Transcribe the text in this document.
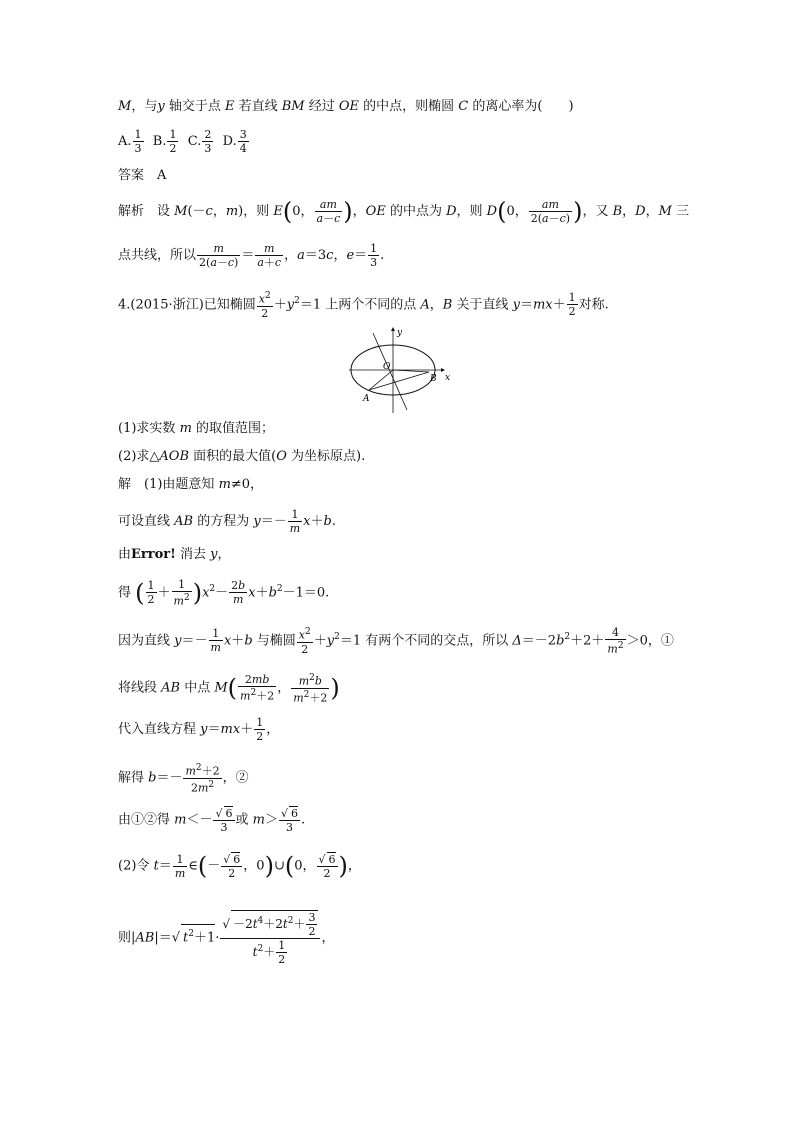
M，与y 轴交于点 E 若直线 BM 经过 OE 的中点，则椭圆 C 的离心率为(　　)
A. $\frac{1}{3} B$. $\frac{1}{2} C$. $\frac{2}{3} D$. $\frac{3}{4}$
答案　A
解析　设 M(－c，m)，则 E(0， $\frac{am}{a-c}$ )，OE 的中点为 D，则 D(0， $\frac{am}{2(a-c)}$ )，又 B，D，M 三
点共线，所以 $\frac{m}{2(a-c)} = \frac{m}{a+c}$ ，a＝3c，$e= \frac{1}{3}$ .
4.(2015·浙江)已知椭圆 $\frac{x^2}{2} +y^2=1$ 上两个不同的点 A，B 关于直线 $y=mx+ \frac{1}{2}$ 对称.
y
x
O
A
B
(1)求实数 m 的取值范围；
(2)求△AOB 面积的最大值(O 为坐标原点).
解　(1)由题意知 m≠0，
可设直线 AB 的方程为 $y=- \frac{1}{m} x+b$.
由Error! 消去 y，
得 ( $\frac{1}{2} + \frac{1}{m^2} )x^2- \frac{2b}{m} x+b^2-1=0$.
因为直线 $y=- \frac{1}{m} x+b$ 与椭圆 $\frac{x^2}{2} +y^2=1$ 有两个不同的交点，所以 $\Delta=-2b^2+2+ \frac{4}{m^2} >0$，①
将线段 AB 中点 $M( \frac{2mb}{m^2+2}$ ， $\frac{m^2b}{m^2+2}$ )
代入直线方程 $y=mx+ \frac{1}{2}$ ，
解得 $b=- \frac{m^2+2}{2m^2}$ ，②
由①②得 $m<- \frac{√ 6}{3}$ 或 $m> \frac{√ 6}{3}$ .
(2)令 $t= \frac{1}{m}$ ∈(－ $\frac{√ 6}{2}$ ，0)∪(0， $\frac{√ 6}{2}$ )，
则|AB|＝√ $t^2+1\cdot \frac{√ -2t^4+2t^2+ \frac{3}{2}}{t^2+ \frac{1}{2}}$ ，
